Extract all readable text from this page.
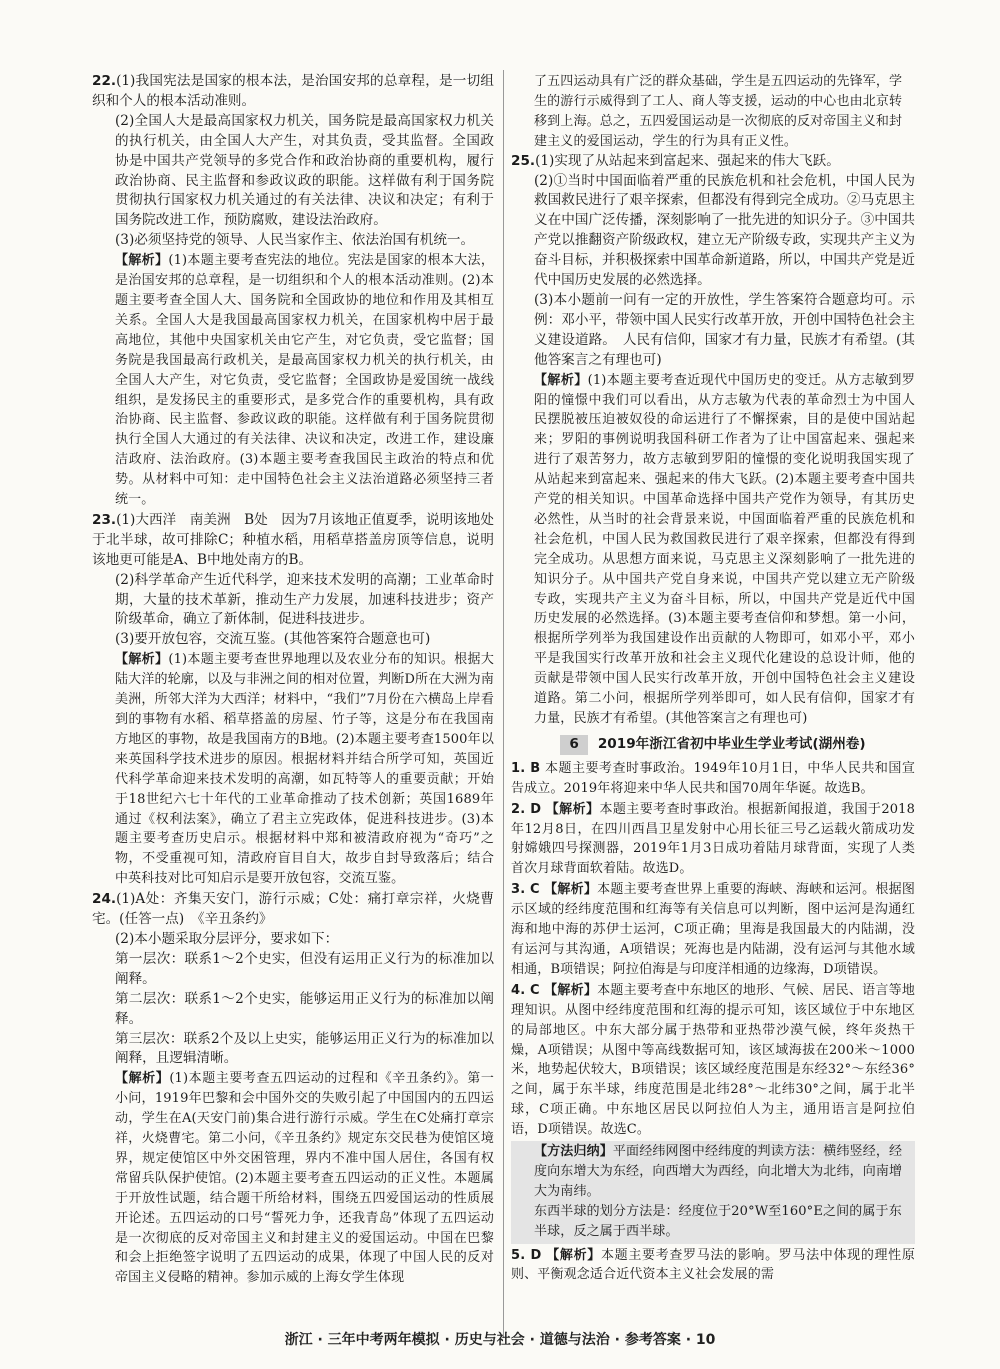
22.(1)我国宪法是国家的根本法，是治国安邦的总章程，是一切组织和个人的根本活动准则。

(2)全国人大是最高国家权力机关，国务院是最高国家权力机关的执行机关，由全国人大产生，对其负责，受其监督。全国政协是中国共产党领导的多党合作和政治协商的重要机构，履行政治协商、民主监督和参政议政的职能。这样做有利于国务院贯彻执行国家权力机关通过的有关法律、决议和决定；有利于国务院改进工作，预防腐败，建设法治政府。

(3)必须坚持党的领导、人民当家作主、依法治国有机统一。

【解析】(1)本题主要考查宪法的地位。宪法是国家的根本大法，是治国安邦的总章程，是一切组织和个人的根本活动准则。(2)本题主要考查全国人大、国务院和全国政协的地位和作用及其相互关系。全国人大是我国最高国家权力机关，在国家机构中居于最高地位，其他中央国家机关由它产生，对它负责，受它监督；国务院是我国最高行政机关，是最高国家权力机关的执行机关，由全国人大产生，对它负责，受它监督；全国政协是爱国统一战线组织，是发扬民主的重要形式，是多党合作的重要机构，具有政治协商、民主监督、参政议政的职能。这样做有利于国务院贯彻执行全国人大通过的有关法律、决议和决定，改进工作，建设廉洁政府、法治政府。(3)本题主要考查我国民主政治的特点和优势。从材料中可知：走中国特色社会主义法治道路必须坚持三者统一。

23.(1)大西洋　南美洲　B处　因为7月该地正值夏季，说明该地处于北半球，故可排除C；种植水稻，用稻草搭盖房顶等信息，说明该地更可能是A、B中地处南方的B。

(2)科学革命产生近代科学，迎来技术发明的高潮；工业革命时期，大量的技术革新，推动生产力发展，加速科技进步；资产阶级革命，确立了新体制，促进科技进步。

(3)要开放包容，交流互鉴。(其他答案符合题意也可)

【解析】(1)本题主要考查世界地理以及农业分布的知识。根据大陆大洋的轮廓，以及与非洲之间的相对位置，判断D所在大洲为南美洲，所邻大洋为大西洋；材料中，“我们”7月份在六横岛上岸看到的事物有水稻、稻草搭盖的房屋、竹子等，这是分布在我国南方地区的事物，故是我国南方的B地。(2)本题主要考查1500年以来英国科学技术进步的原因。根据材料并结合所学可知，英国近代科学革命迎来技术发明的高潮，如瓦特等人的重要贡献；开始于18世纪六七十年代的工业革命推动了技术创新；英国1689年通过《权利法案》，确立了君主立宪政体，促进科技进步。(3)本题主要考查历史启示。根据材料中郑和被清政府视为“奇巧”之物，不受重视可知，清政府盲目自大，故步自封导致落后；结合中英科技对比可知启示是要开放包容，交流互鉴。

24.(1)A处：齐集天安门，游行示威；C处：痛打章宗祥，火烧曹宅。(任答一点)　《辛丑条约》

(2)本小题采取分层评分，要求如下：

第一层次：联系1～2个史实，但没有运用正义行为的标准加以阐释。

第二层次：联系1～2个史实，能够运用正义行为的标准加以阐释。

第三层次：联系2个及以上史实，能够运用正义行为的标准加以阐释，且逻辑清晰。

【解析】(1)本题主要考查五四运动的过程和《辛丑条约》。第一小问，1919年巴黎和会中国外交的失败引起了中国国内的五四运动，学生在A(天安门前)集合进行游行示威。学生在C处痛打章宗祥，火烧曹宅。第二小问，《辛丑条约》规定东交民巷为使馆区境界，规定使馆区中外交困管理，界内不准中国人居住，各国有权常留兵队保护使馆。(2)本题主要考查五四运动的正义性。本题属于开放性试题，结合题干所给材料，围绕五四爱国运动的性质展开论述。五四运动的口号“誓死力争，还我青岛”体现了五四运动是一次彻底的反对帝国主义和封建主义的爱国运动。中国在巴黎和会上拒绝签字说明了五四运动的成果，体现了中国人民的反对帝国主义侵略的精神。参加示威的上海女学生体现

了五四运动具有广泛的群众基础，学生是五四运动的先锋军，学生的游行示威得到了工人、商人等支援，运动的中心也由北京转移到上海。总之，五四爱国运动是一次彻底的反对帝国主义和封建主义的爱国运动，学生的行为具有正义性。

25.(1)实现了从站起来到富起来、强起来的伟大飞跃。

(2)①当时中国面临着严重的民族危机和社会危机，中国人民为救国救民进行了艰辛探索，但都没有得到完全成功。②马克思主义在中国广泛传播，深刻影响了一批先进的知识分子。③中国共产党以推翻资产阶级政权，建立无产阶级专政，实现共产主义为奋斗目标，并积极探索中国革命新道路，所以，中国共产党是近代中国历史发展的必然选择。

(3)本小题前一问有一定的开放性，学生答案符合题意均可。示例：邓小平，带领中国人民实行改革开放，开创中国特色社会主义建设道路。　人民有信仰，国家才有力量，民族才有希望。(其他答案言之有理也可)

【解析】(1)本题主要考查近现代中国历史的变迁。从方志敏到罗阳的憧憬中我们可以看出，从方志敏为代表的革命烈士为中国人民摆脱被压迫被奴役的命运进行了不懈探索，目的是使中国站起来；罗阳的事例说明我国科研工作者为了让中国富起来、强起来进行了艰苦努力，故方志敏到罗阳的憧憬的变化说明我国实现了从站起来到富起来、强起来的伟大飞跃。(2)本题主要考查中国共产党的相关知识。中国革命选择中国共产党作为领导，有其历史必然性，从当时的社会背景来说，中国面临着严重的民族危机和社会危机，中国人民为救国救民进行了艰辛探索，但都没有得到完全成功。从思想方面来说，马克思主义深刻影响了一批先进的知识分子。从中国共产党自身来说，中国共产党以建立无产阶级专政，实现共产主义为奋斗目标，所以，中国共产党是近代中国历史发展的必然选择。(3)本题主要考查信仰和梦想。第一小问，根据所学列举为我国建设作出贡献的人物即可，如邓小平，邓小平是我国实行改革开放和社会主义现代化建设的总设计师，他的贡献是带领中国人民实行改革开放，开创中国特色社会主义建设道路。第二小问，根据所学列举即可，如人民有信仰，国家才有力量，民族才有希望。(其他答案言之有理也可)

6 2019年浙江省初中毕业生学业考试(湖州卷)
1. B 本题主要考查时事政治。1949年10月1日，中华人民共和国宣告成立。2019年将迎来中华人民共和国70周年华诞。故选B。
2. D 【解析】本题主要考查时事政治。根据新闻报道，我国于2018年12月8日，在四川西昌卫星发射中心用长征三号乙运载火箭成功发射嫦娥四号探测器，2019年1月3日成功着陆月球背面，实现了人类首次月球背面软着陆。故选D。
3. C 【解析】本题主要考查世界上重要的海峡、海峡和运河。根据图示区域的经纬度范围和红海等有关信息可以判断，图中运河是沟通红海和地中海的苏伊士运河，C项正确；里海是我国最大的内陆湖，没有运河与其沟通，A项错误；死海也是内陆湖，没有运河与其他水域相通，B项错误；阿拉伯海是与印度洋相通的边缘海，D项错误。
4. C 【解析】本题主要考查中东地区的地形、气候、居民、语言等地理知识。从图中经纬度范围和红海的提示可知，该区域位于中东地区的局部地区。中东大部分属于热带和亚热带沙漠气候，终年炎热干燥，A项错误；从图中等高线数据可知，该区域海拔在200米～1000米，地势起伏较大，B项错误；该区域经度范围是东经32°～东经36°之间，属于东半球，纬度范围是北纬28°～北纬30°之间，属于北半球，C项正确。中东地区居民以阿拉伯人为主，通用语言是阿拉伯语，D项错误。故选C。

【方法归纳】平面经纬网图中经纬度的判读方法：横纬竖经，经度向东增大为东经，向西增大为西经，向北增大为北纬，向南增大为南纬。

东西半球的划分方法是：经度位于20°W至160°E之间的属于东半球，反之属于西半球。

5. D 【解析】本题主要考查罗马法的影响。罗马法中体现的理性原则、平衡观念适合近代资本主义社会发展的需
浙江 · 三年中考两年模拟 · 历史与社会 · 道德与法治 · 参考答案 · 10
